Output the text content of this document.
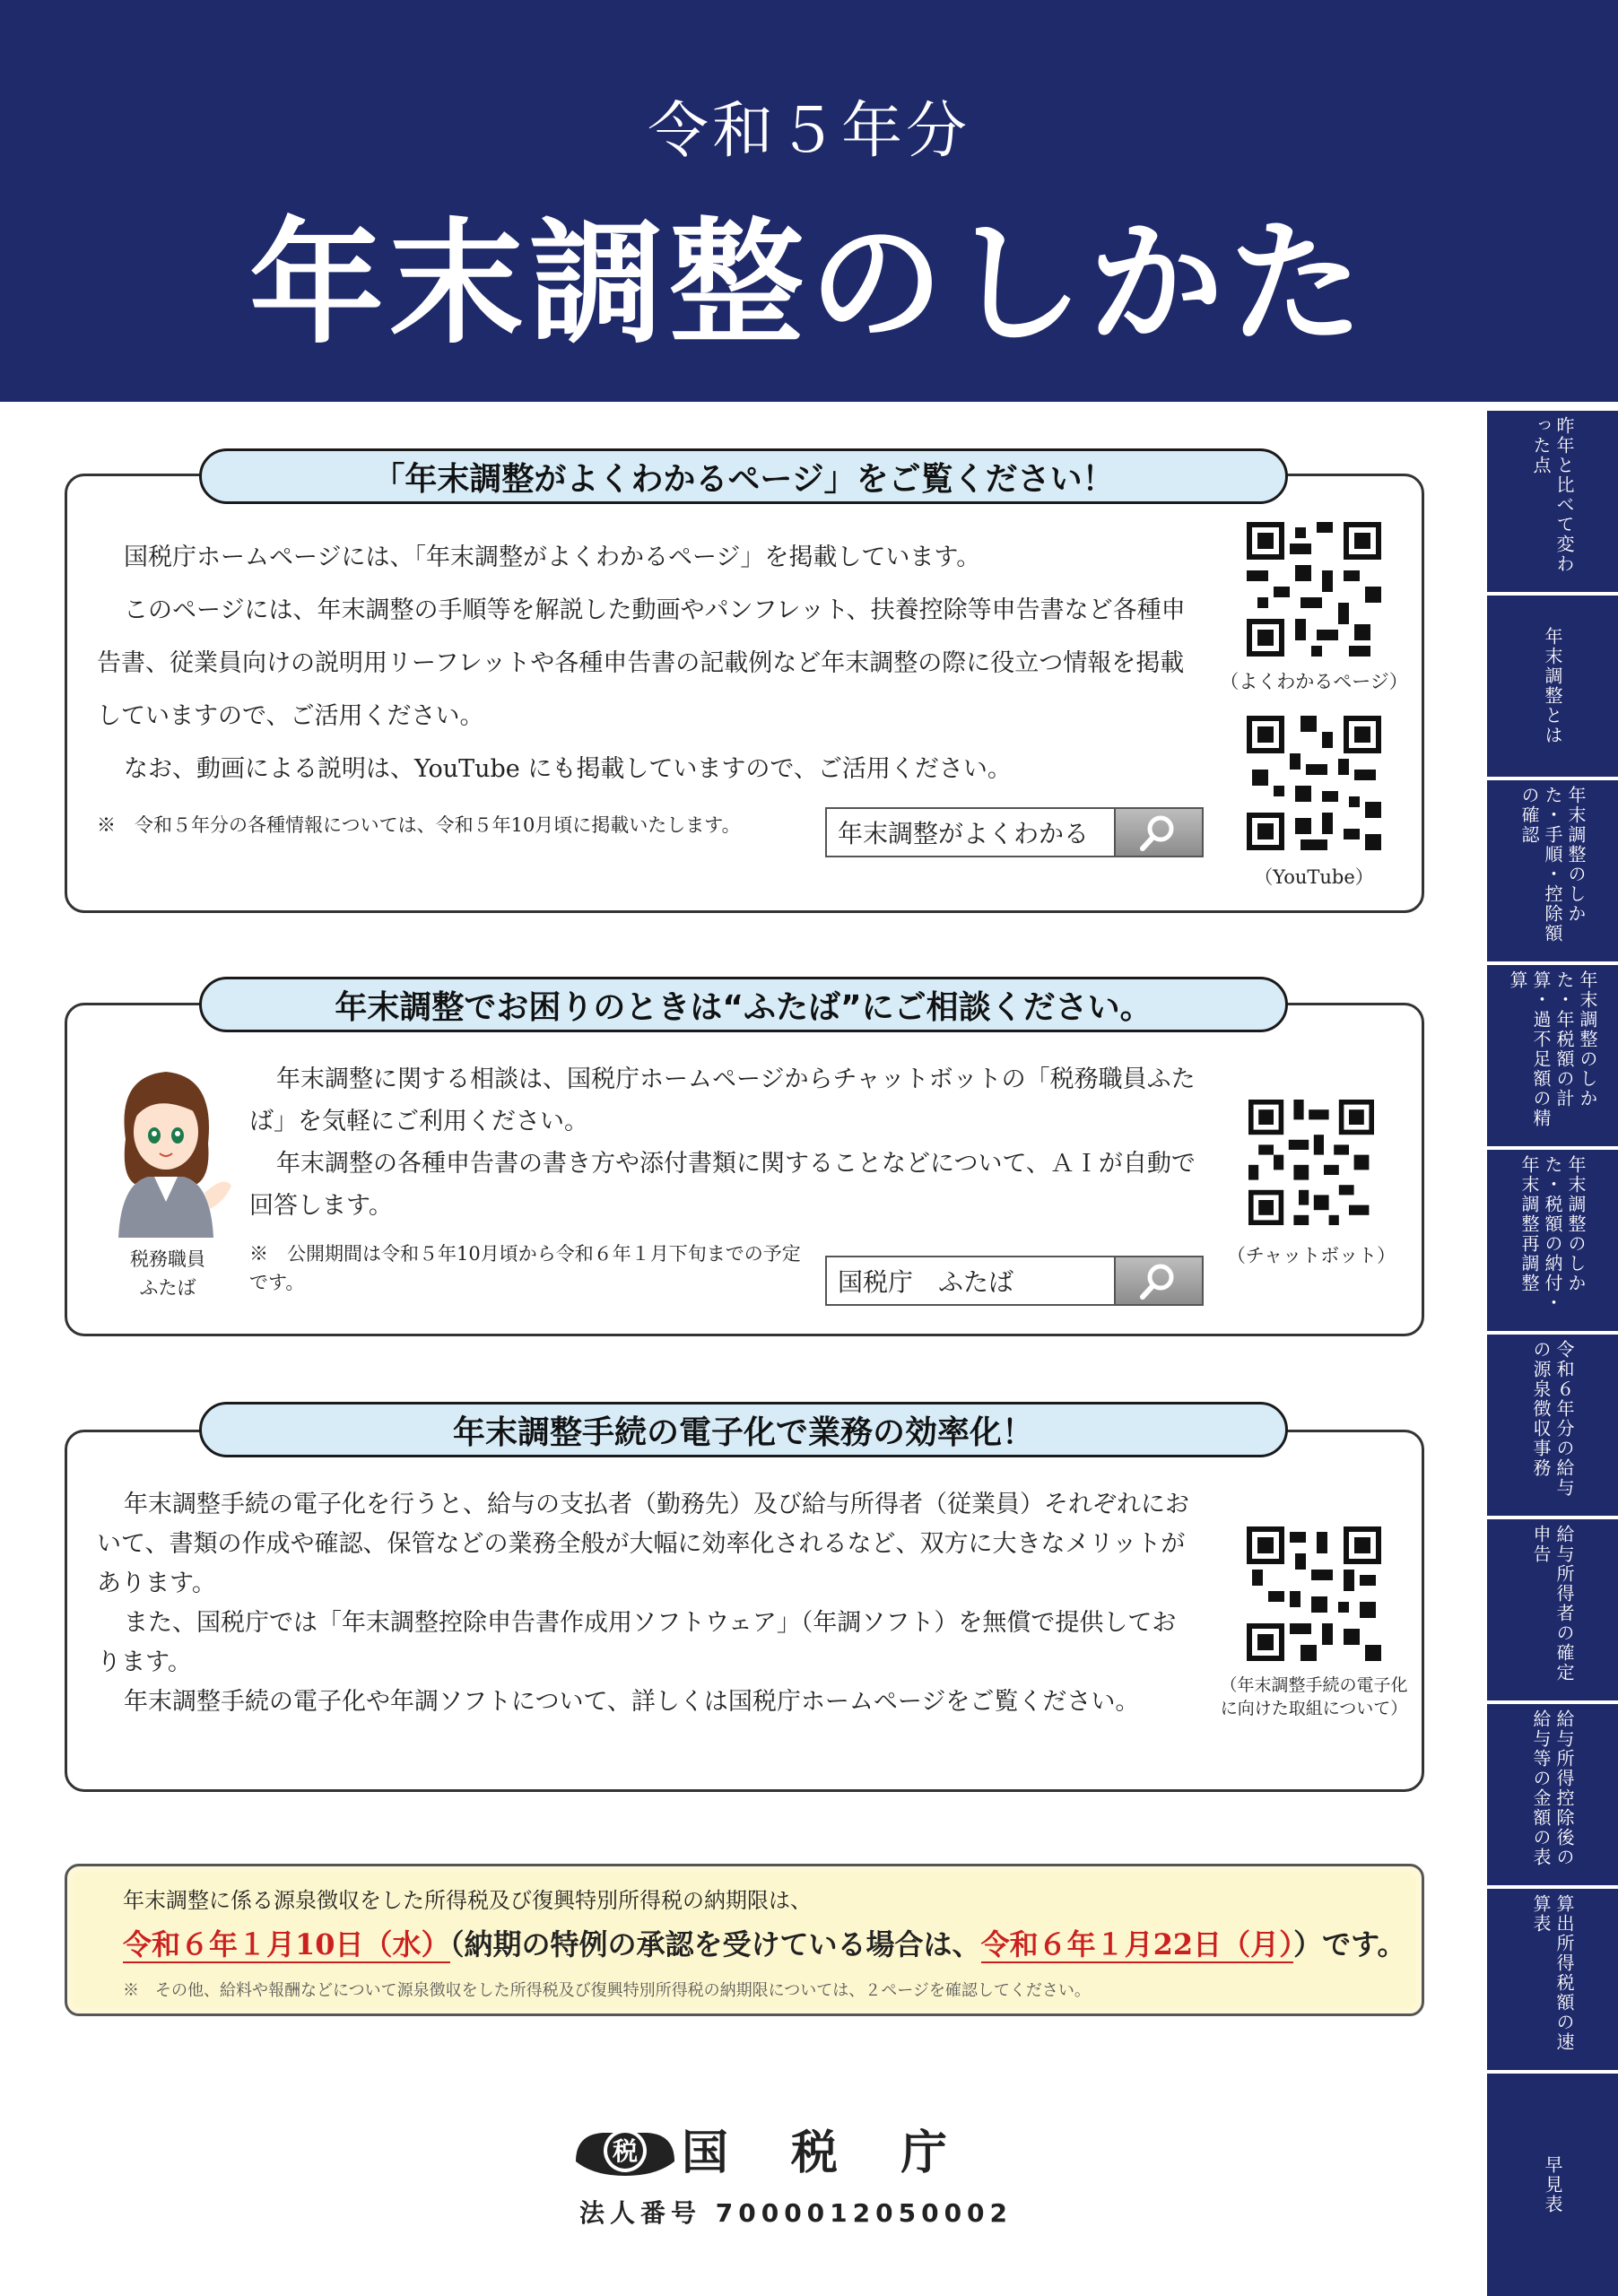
令和５年分
年末調整のしかた
昨年と比べて変わった点
年末調整とは
年末調整のしかた・手順・控除額の確認
年末調整のしかた・年税額の計算・過不足額の精算
年末調整のしかた・税額の納付・年末調整再調整
令和６年分の給与の源泉徴収事務
給与所得者の確定申告
給与所得控除後の給与等の金額の表
算出所得税額の速算表
早見表
「年末調整がよくわかるページ」をご覧ください！

国税庁ホームページには、「年末調整がよくわかるページ」を掲載しています。

このページには、年末調整の手順等を解説した動画やパンフレット、扶養控除等申告書など各種申告書、従業員向けの説明用リーフレットや各種申告書の記載例など年末調整の際に役立つ情報を掲載していますので、ご活用ください。

なお、動画による説明は、YouTube にも掲載していますので、ご活用ください。

※　令和５年分の各種情報については、令和５年10月頃に掲載いたします。	年末調整がよくわかる
（よくわかるページ）
（YouTube）
年末調整でお困りのときは“ふたば”にご相談ください。
税務職員
ふたば

年末調整に関する相談は、国税庁ホームページからチャットボットの「税務職員ふたば」を気軽にご利用ください。

年末調整の各種申告書の書き方や添付書類に関することなどについて、ＡＩが自動で回答します。

※　公開期間は令和５年10月頃から令和６年１月下旬までの予定です。	国税庁　ふたば
（チャットボット）
年末調整手続の電子化で業務の効率化！

年末調整手続の電子化を行うと、給与の支払者（勤務先）及び給与所得者（従業員）それぞれにおいて、書類の作成や確認、保管などの業務全般が大幅に効率化されるなど、双方に大きなメリットがあります。

また、国税庁では「年末調整控除申告書作成用ソフトウェア」（年調ソフト）を無償で提供しております。

年末調整手続の電子化や年調ソフトについて、詳しくは国税庁ホームページをご覧ください。

（年末調整手続の電子化に向けた取組について）
年末調整に係る源泉徴収をした所得税及び復興特別所得税の納期限は、
令和６年１月10日（水）（納期の特例の承認を受けている場合は、令和６年１月22日（月））です。
※　その他、給料や報酬などについて源泉徴収をした所得税及び復興特別所得税の納期限については、２ページを確認してください。
税 国税庁
法人番号 7000012050002
